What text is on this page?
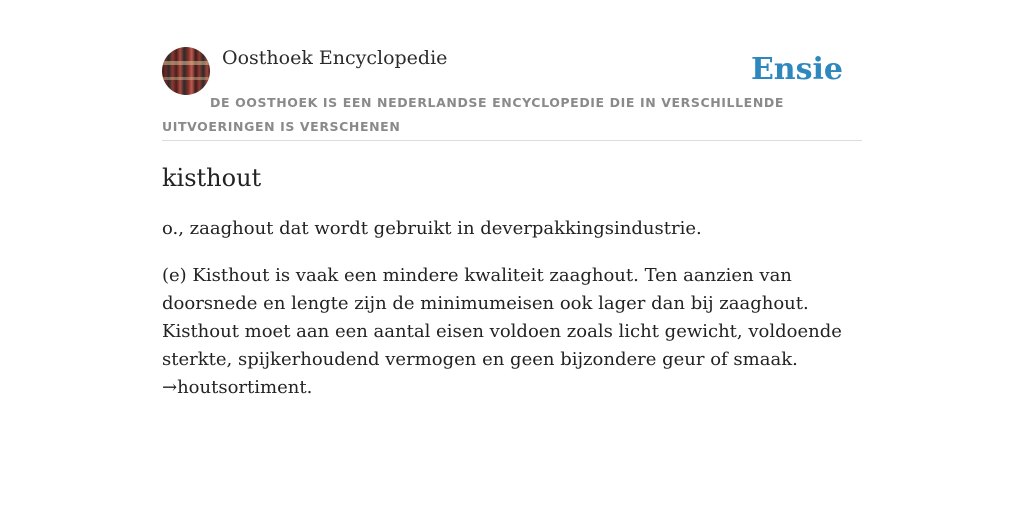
Oosthoek Encyclopedie	Ensie
DE OOSTHOEK IS EEN NEDERLANDSE ENCYCLOPEDIE DIE IN VERSCHILLENDE UITVOERINGEN IS VERSCHENEN
kisthout

o., zaaghout dat wordt gebruikt in deverpakkingsindustrie.

(e) Kisthout is vaak een mindere kwaliteit zaaghout. Ten aanzien van doorsnede en lengte zijn de minimumeisen ook lager dan bij zaaghout. Kisthout moet aan een aantal eisen voldoen zoals licht gewicht, voldoende sterkte, spijkerhoudend vermogen en geen bijzondere geur of smaak. →houtsortiment.
